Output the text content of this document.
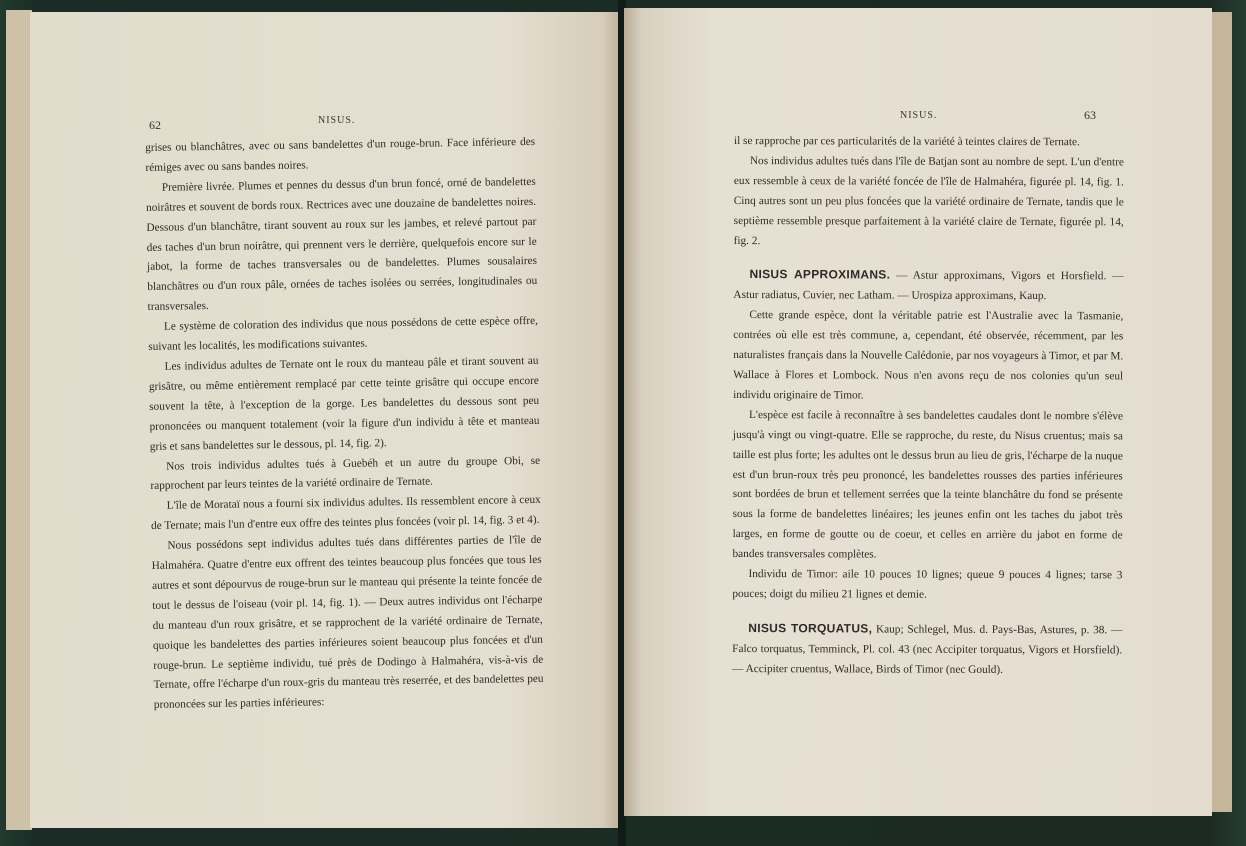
62	NISUS.

grises ou blanchâtres, avec ou sans bandelettes d'un rouge-brun. Face inférieure des rémiges avec ou sans bandes noires.

Première livrée. Plumes et pennes du dessus d'un brun foncé, orné de bandelettes noirâtres et souvent de bords roux. Rectrices avec une douzaine de bandelettes noires. Dessous d'un blanchâtre, tirant souvent au roux sur les jambes, et relevé partout par des taches d'un brun noirâtre, qui prennent vers le derrière, quelquefois encore sur le jabot, la forme de taches transversales ou de bandelettes. Plumes sousalaires blanchâtres ou d'un roux pâle, ornées de taches isolées ou serrées, longitudinales ou transversales.

Le système de coloration des individus que nous possédons de cette espèce offre, suivant les localités, les modifications suivantes.

Les individus adultes de Ternate ont le roux du manteau pâle et tirant souvent au grisâtre, ou même entièrement remplacé par cette teinte grisâtre qui occupe encore souvent la tête, à l'exception de la gorge. Les bandelettes du dessous sont peu prononcées ou manquent totalement (voir la figure d'un individu à tête et manteau gris et sans bandelettes sur le dessous, pl. 14, fig. 2).

Nos trois individus adultes tués à Guebéh et un autre du groupe Obi, se rapprochent par leurs teintes de la variété ordinaire de Ternate.

L'île de Morataï nous a fourni six individus adultes. Ils ressemblent encore à ceux de Ternate; mais l'un d'entre eux offre des teintes plus foncées (voir pl. 14, fig. 3 et 4).

Nous possédons sept individus adultes tués dans différentes parties de l'île de Halmahéra. Quatre d'entre eux offrent des teintes beaucoup plus foncées que tous les autres et sont dépourvus de rouge-brun sur le manteau qui présente la teinte foncée de tout le dessus de l'oiseau (voir pl. 14, fig. 1). — Deux autres individus ont l'écharpe du manteau d'un roux grisâtre, et se rapprochent de la variété ordinaire de Ternate, quoique les bandelettes des parties inférieures soient beaucoup plus foncées et d'un rouge-brun. Le septième individu, tué près de Dodingo à Halmahéra, vis-à-vis de Ternate, offre l'écharpe d'un roux-gris du manteau très reserrée, et des bandelettes peu prononcées sur les parties inférieures:

NISUS.	63

il se rapproche par ces particularités de la variété à teintes claires de Ternate.

Nos individus adultes tués dans l'île de Batjan sont au nombre de sept. L'un d'entre eux ressemble à ceux de la variété foncée de l'île de Halmahéra, figurée pl. 14, fig. 1. Cinq autres sont un peu plus foncées que la variété ordinaire de Ternate, tandis que le septième ressemble presque parfaitement à la variété claire de Ternate, figurée pl. 14, fig. 2.

NISUS APPROXIMANS. — Astur approximans, Vigors et Horsfield. — Astur radiatus, Cuvier, nec Latham. — Urospiza approximans, Kaup.

Cette grande espèce, dont la véritable patrie est l'Australie avec la Tasmanie, contrées où elle est très commune, a, cependant, été observée, récemment, par les naturalistes français dans la Nouvelle Calédonie, par nos voyageurs à Timor, et par M. Wallace à Flores et Lombock. Nous n'en avons reçu de nos colonies qu'un seul individu originaire de Timor.

L'espèce est facile à reconnaître à ses bandelettes caudales dont le nombre s'élève jusqu'à vingt ou vingt-quatre. Elle se rapproche, du reste, du Nisus cruentus; mais sa taille est plus forte; les adultes ont le dessus brun au lieu de gris, l'écharpe de la nuque est d'un brun-roux très peu prononcé, les bandelettes rousses des parties inférieures sont bordées de brun et tellement serrées que la teinte blanchâtre du fond se présente sous la forme de bandelettes linéaires; les jeunes enfin ont les taches du jabot très larges, en forme de goutte ou de coeur, et celles en arrière du jabot en forme de bandes transversales complètes.

Individu de Timor: aile 10 pouces 10 lignes; queue 9 pouces 4 lignes; tarse 3 pouces; doigt du milieu 21 lignes et demie.

NISUS TORQUATUS, Kaup; Schlegel, Mus. d. Pays-Bas, Astures, p. 38. — Falco torquatus, Temminck, Pl. col. 43 (nec Accipiter torquatus, Vigors et Horsfield). — Accipiter cruentus, Wallace, Birds of Timor (nec Gould).
